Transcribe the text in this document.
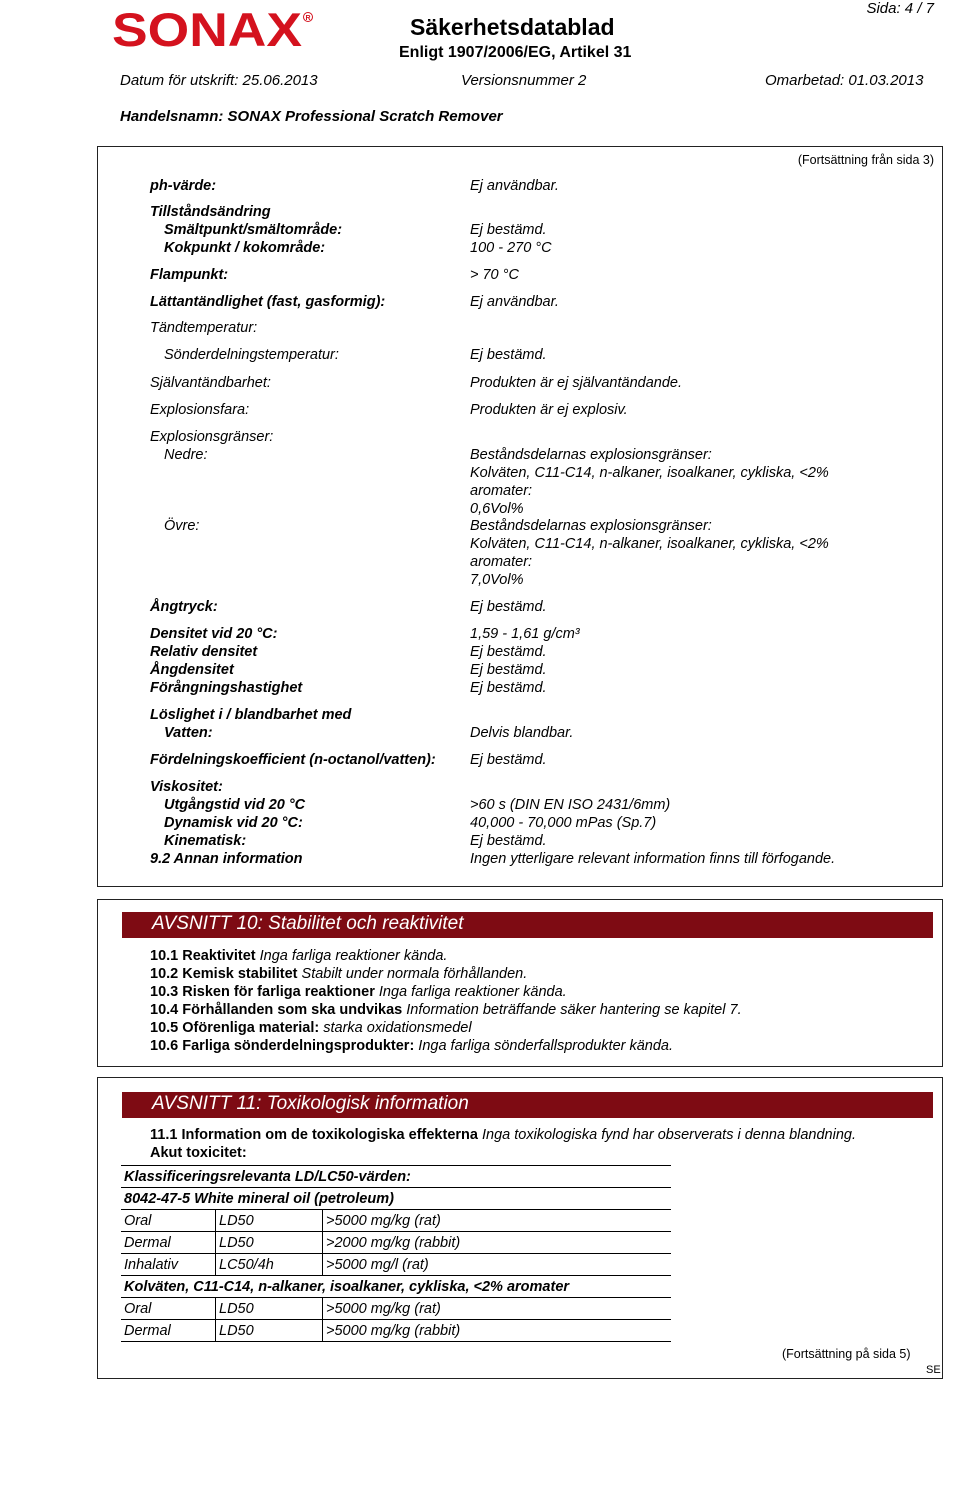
SONAX R	Säkerhetsdatablad
Enligt 1907/2006/EG, Artikel 31
Sida: 4 / 7
Datum för utskrift: 25.06.2013	Versionsnummer 2	Omarbetad: 01.03.2013
Handelsnamn: SONAX Professional Scratch Remover
(Fortsättning från sida 3)
ph-värde:	Ej användbar.
Tillståndsändring
Smältpunkt/smältområde:	Ej bestämd.
Kokpunkt / kokområde:	100 - 270 °C
Flampunkt:	> 70 °C
Lättantändlighet (fast, gasformig):	Ej användbar.
Tändtemperatur:
Sönderdelningstemperatur:	Ej bestämd.
Självantändbarhet:	Produkten är ej självantändande.
Explosionsfara:	Produkten är ej explosiv.
Explosionsgränser:
Nedre:	Beståndsdelarnas explosionsgränser:
Kolväten, C11-C14, n-alkaner, isoalkaner, cykliska, <2%
aromater:
0,6Vol%
Övre:	Beståndsdelarnas explosionsgränser:
Kolväten, C11-C14, n-alkaner, isoalkaner, cykliska, <2%
aromater:
7,0Vol%
Ångtryck:	Ej bestämd.
Densitet vid 20 °C:	1,59 - 1,61 g/cm³
Relativ densitet	Ej bestämd.
Ångdensitet	Ej bestämd.
Förångningshastighet	Ej bestämd.
Löslighet i / blandbarhet med
Vatten:	Delvis blandbar.
Fördelningskoefficient (n-octanol/vatten): Ej bestämd.
Viskositet:
Utgångstid vid 20 °C	>60 s (DIN EN ISO 2431/6mm)
Dynamisk vid 20 °C:	40,000 - 70,000 mPas (Sp.7)
Kinematisk:	Ej bestämd.
9.2 Annan information	Ingen ytterligare relevant information finns till förfogande.
AVSNITT 10: Stabilitet och reaktivitet
10.1 Reaktivitet Inga farliga reaktioner kända.
10.2 Kemisk stabilitet Stabilt under normala förhållanden.
10.3 Risken för farliga reaktioner Inga farliga reaktioner kända.
10.4 Förhållanden som ska undvikas Information beträffande säker hantering se kapitel 7.
10.5 Oförenliga material: starka oxidationsmedel
10.6 Farliga sönderdelningsprodukter: Inga farliga sönderfallsprodukter kända.
AVSNITT 11: Toxikologisk information
11.1 Information om de toxikologiska effekterna Inga toxikologiska fynd har observerats i denna blandning.
Akut toxicitet:
Klassificeringsrelevanta LD/LC50-värden:		
8042-47-5 White mineral oil (petroleum)		
Oral	LD50	>5000 mg/kg (rat)
Dermal	LD50	>2000 mg/kg (rabbit)
Inhalativ	LC50/4h	>5000 mg/l (rat)
Kolväten, C11-C14, n-alkaner, isoalkaner, cykliska, <2% aromater		
Oral	LD50	>5000 mg/kg (rat)
Dermal	LD50	>5000 mg/kg (rabbit)
(Fortsättning på sida 5)
SE
